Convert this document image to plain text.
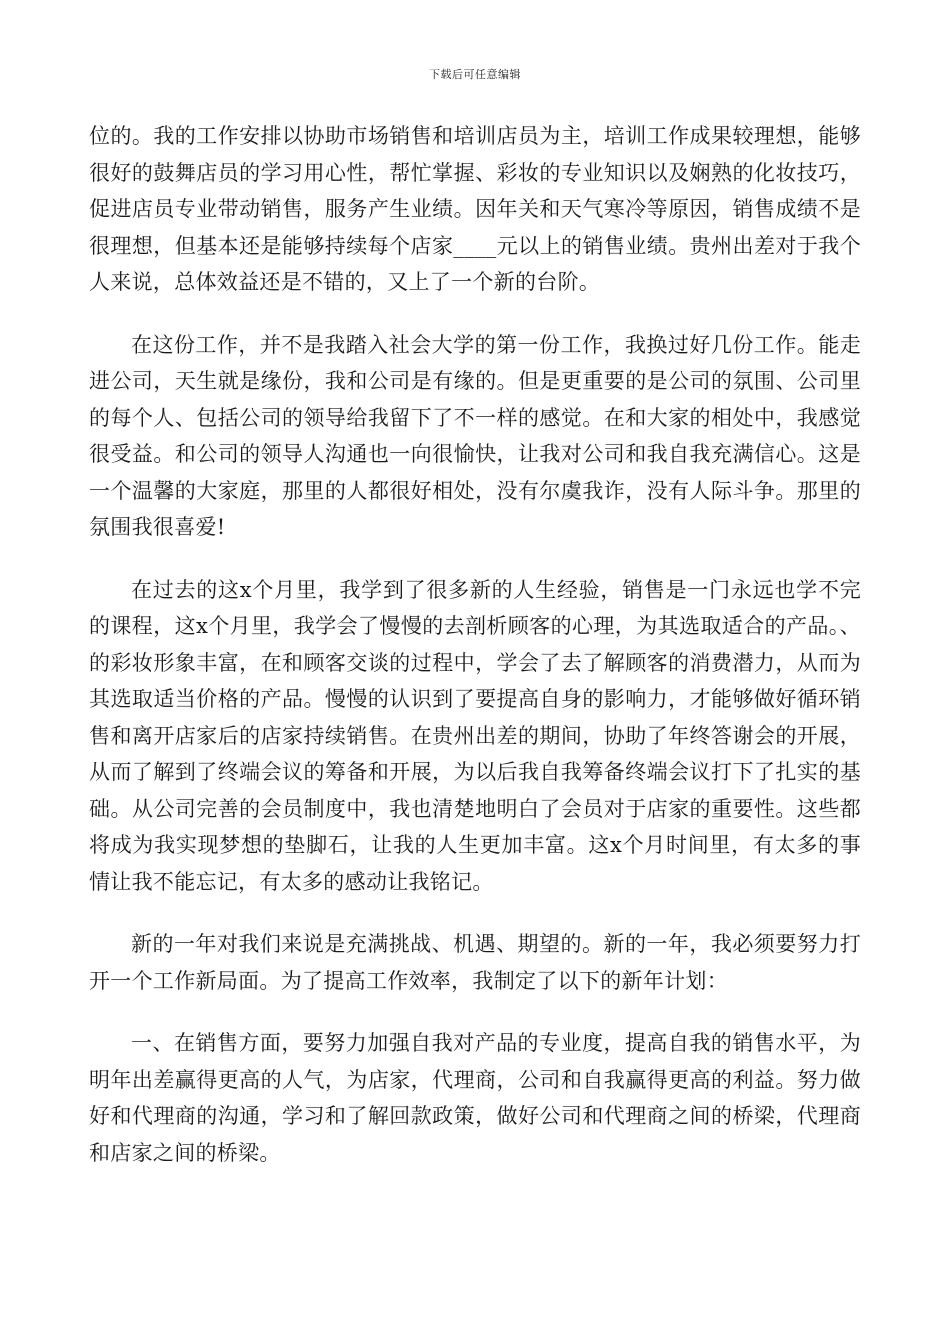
下载后可任意编辑

位的。我的工作安排以协助市场销售和培训店员为主，培训工作成果较理想，能够很好的鼓舞店员的学习用心性，帮忙掌握、彩妆的专业知识以及娴熟的化妆技巧，促进店员专业带动销售，服务产生业绩。因年关和天气寒冷等原因，销售成绩不是很理想，但基本还是能够持续每个店家____元以上的销售业绩。贵州出差对于我个人来说，总体效益还是不错的，又上了一个新的台阶。

在这份工作，并不是我踏入社会大学的第一份工作，我换过好几份工作。能走进公司，天生就是缘份，我和公司是有缘的。但是更重要的是公司的氛围、公司里的每个人、包括公司的领导给我留下了不一样的感觉。在和大家的相处中，我感觉很受益。和公司的领导人沟通也一向很愉快，让我对公司和我自我充满信心。这是一个温馨的大家庭，那里的人都很好相处，没有尔虞我诈，没有人际斗争。那里的氛围我很喜爱!

在过去的这x个月里，我学到了很多新的人生经验，销售是一门永远也学不完的课程，这x个月里，我学会了慢慢的去剖析顾客的心理，为其选取适合的产品。、的彩妆形象丰富，在和顾客交谈的过程中，学会了去了解顾客的消费潜力，从而为其选取适当价格的产品。慢慢的认识到了要提高自身的影响力，才能够做好循环销售和离开店家后的店家持续销售。在贵州出差的期间，协助了年终答谢会的开展，从而了解到了终端会议的筹备和开展，为以后我自我筹备终端会议打下了扎实的基础。从公司完善的会员制度中，我也清楚地明白了会员对于店家的重要性。这些都将成为我实现梦想的垫脚石，让我的人生更加丰富。这x个月时间里，有太多的事情让我不能忘记，有太多的感动让我铭记。

新的一年对我们来说是充满挑战、机遇、期望的。新的一年，我必须要努力打开一个工作新局面。为了提高工作效率，我制定了以下的新年计划：

一、在销售方面，要努力加强自我对产品的专业度，提高自我的销售水平，为明年出差赢得更高的人气，为店家，代理商，公司和自我赢得更高的利益。努力做好和代理商的沟通，学习和了解回款政策，做好公司和代理商之间的桥梁，代理商和店家之间的桥梁。
